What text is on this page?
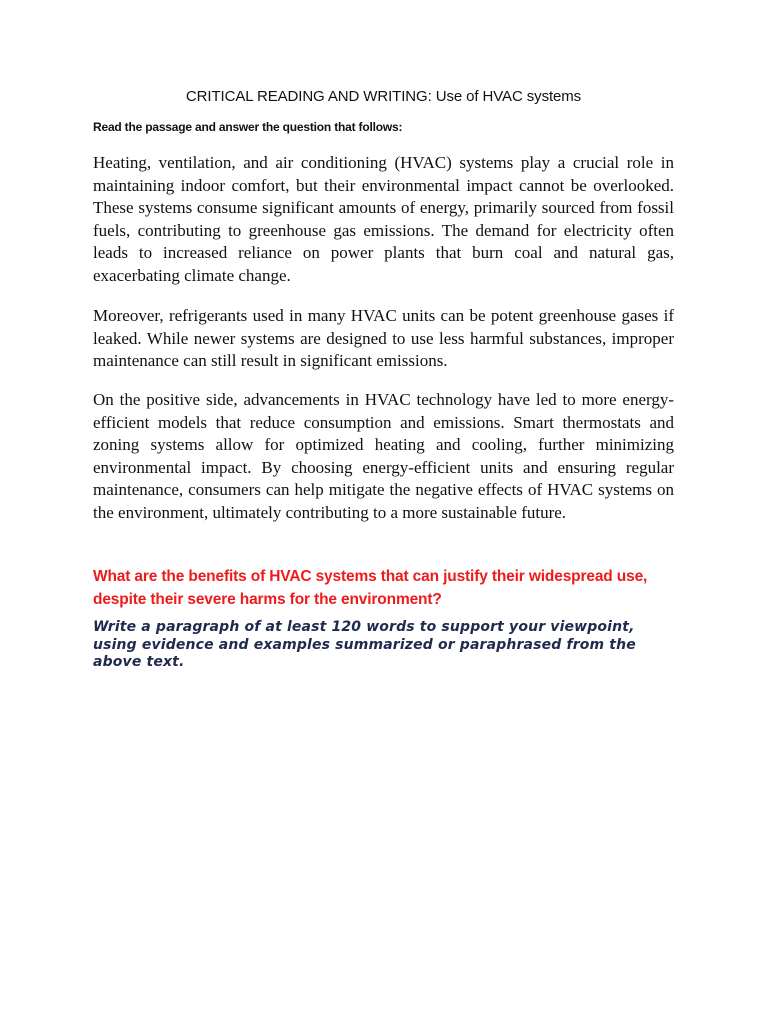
CRITICAL READING AND WRITING: Use of HVAC systems
Read the passage and answer the question that follows:

Heating, ventilation, and air conditioning (HVAC) systems play a crucial role in maintaining indoor comfort, but their environmental impact cannot be overlooked. These systems consume significant amounts of energy, primarily sourced from fossil fuels, contributing to greenhouse gas emissions. The demand for electricity often leads to increased reliance on power plants that burn coal and natural gas, exacerbating climate change.

Moreover, refrigerants used in many HVAC units can be potent greenhouse gases if leaked. While newer systems are designed to use less harmful substances, improper maintenance can still result in significant emissions.

On the positive side, advancements in HVAC technology have led to more energy-efficient models that reduce consumption and emissions. Smart thermostats and zoning systems allow for optimized heating and cooling, further minimizing environmental impact. By choosing energy-efficient units and ensuring regular maintenance, consumers can help mitigate the negative effects of HVAC systems on the environment, ultimately contributing to a more sustainable future.

What are the benefits of HVAC systems that can justify their widespread use, despite their severe harms for the environment?

Write a paragraph of at least 120 words to support your viewpoint, using evidence and examples summarized or paraphrased from the above text.
